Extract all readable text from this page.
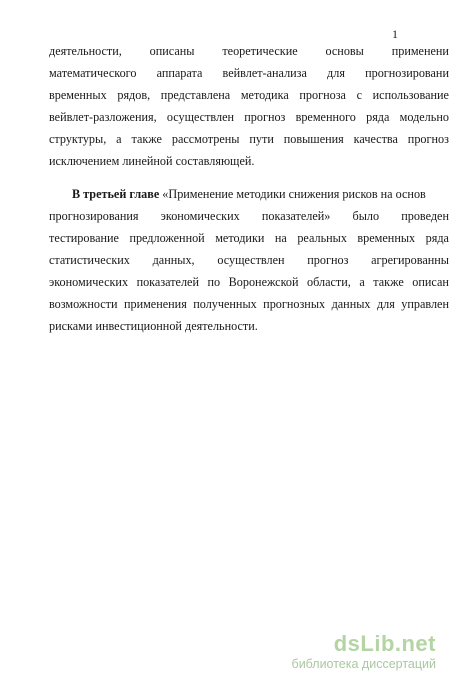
1
деятельности, описаны теоретические основы применени
математического аппарата вейвлет-анализа для прогнозировани
временных рядов, представлена методика прогноза с использование
вейвлет-разложения, осуществлен прогноз временного ряда модельно
структуры, а также рассмотрены пути повышения качества прогноз
исключением линейной составляющей.
В третьей главе «Применение методики снижения рисков на основ
прогнозирования экономических показателей» было проведен
тестирование предложенной методики на реальных временных ряда
статистических данных, осуществлен прогноз агрегированны
экономических показателей по Воронежской области, а также описан
возможности применения полученных прогнозных данных для управлен
рисками инвестиционной деятельности.
dsLib.net
библиотека диссертаций
